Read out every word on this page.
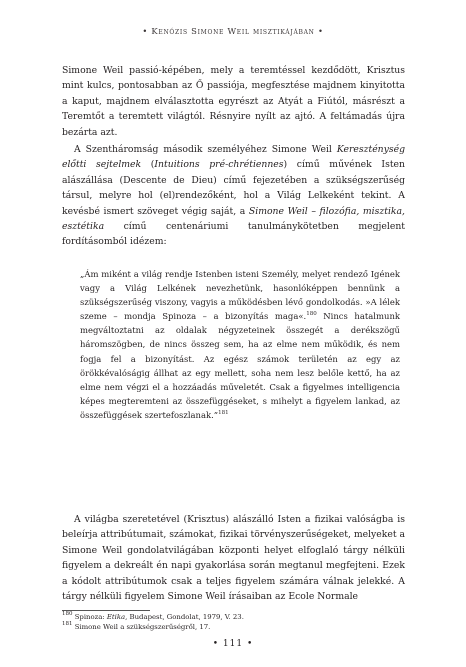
• Kenózis Simone Weil misztikájában •

Simone Weil passió-képében, mely a teremtéssel kezdődött, Krisztus mint kulcs, pontosabban az Ő passiója, megfesztése majdnem kinyitotta a kaput, majdnem elválasztotta egyrészt az Atyát a Fiútól, másrészt a Teremtőt a teremtett világtól. Résnyire nyílt az ajtó. A feltámadás újra bezárta azt.

A Szentháromság második személyéhez Simone Weil Kereszténység előtti sejtelmek (Intuitions pré-chrétiennes) című művének Isten alászállása (Descente de Dieu) című fejezetében a szükségszerűség társul, melyre hol (el)rendezőként, hol a Világ Lelkeként tekint. A kevésbé ismert szöveget végig saját, a Simone Weil – filozófia, misztika, esztétika című centenáriumi tanulmánykötetben megjelent fordításomból idézem:

„Ám miként a világ rendje Istenben isteni Személy, melyet rendező Igének vagy a Világ Lelkének nevezhetünk, hasonlóképpen bennünk a szükségszerűség viszony, vagyis a működésben lévő gondolkodás. »A lélek szeme – mondja Spinoza – a bizonyítás maga«.$^{180}$ Nincs hatalmunk megváltoztatni az oldalak négyzeteinek összegét a derékszögű háromszögben, de nincs összeg sem, ha az elme nem működik, és nem fogja fel a bizonyítást. Az egész számok területén az egy az örökkévalóságig állhat az egy mellett, soha nem lesz belőle kettő, ha az elme nem végzi el a hozzáadás műveletét. Csak a figyelmes intelligencia képes megteremteni az összefüggéseket, s mihelyt a figyelem lankad, az összefüggések szertefoszlanak.”$^{181}$

A világba szeretetével (Krisztus) alászálló Isten a fizikai valóságba is beleírja attribútumait, számokat, fizikai törvényszerűségeket, melyeket a Simone Weil gondolatvilágában központi helyet elfoglaló tárgy nélküli figyelem a dekreált én napi gyakorlása során megtanul megfejteni. Ezek a kódolt attribútumok csak a teljes figyelem számára válnak jelekké. A tárgy nélküli figyelem Simone Weil írásaiban az Ecole Normale

$^{180}$ Spinoza: Etika, Budapest, Gondolat, 1979, V. 23.
$^{181}$ Simone Weil a szükségszerűségről, 17.
• 111 •
